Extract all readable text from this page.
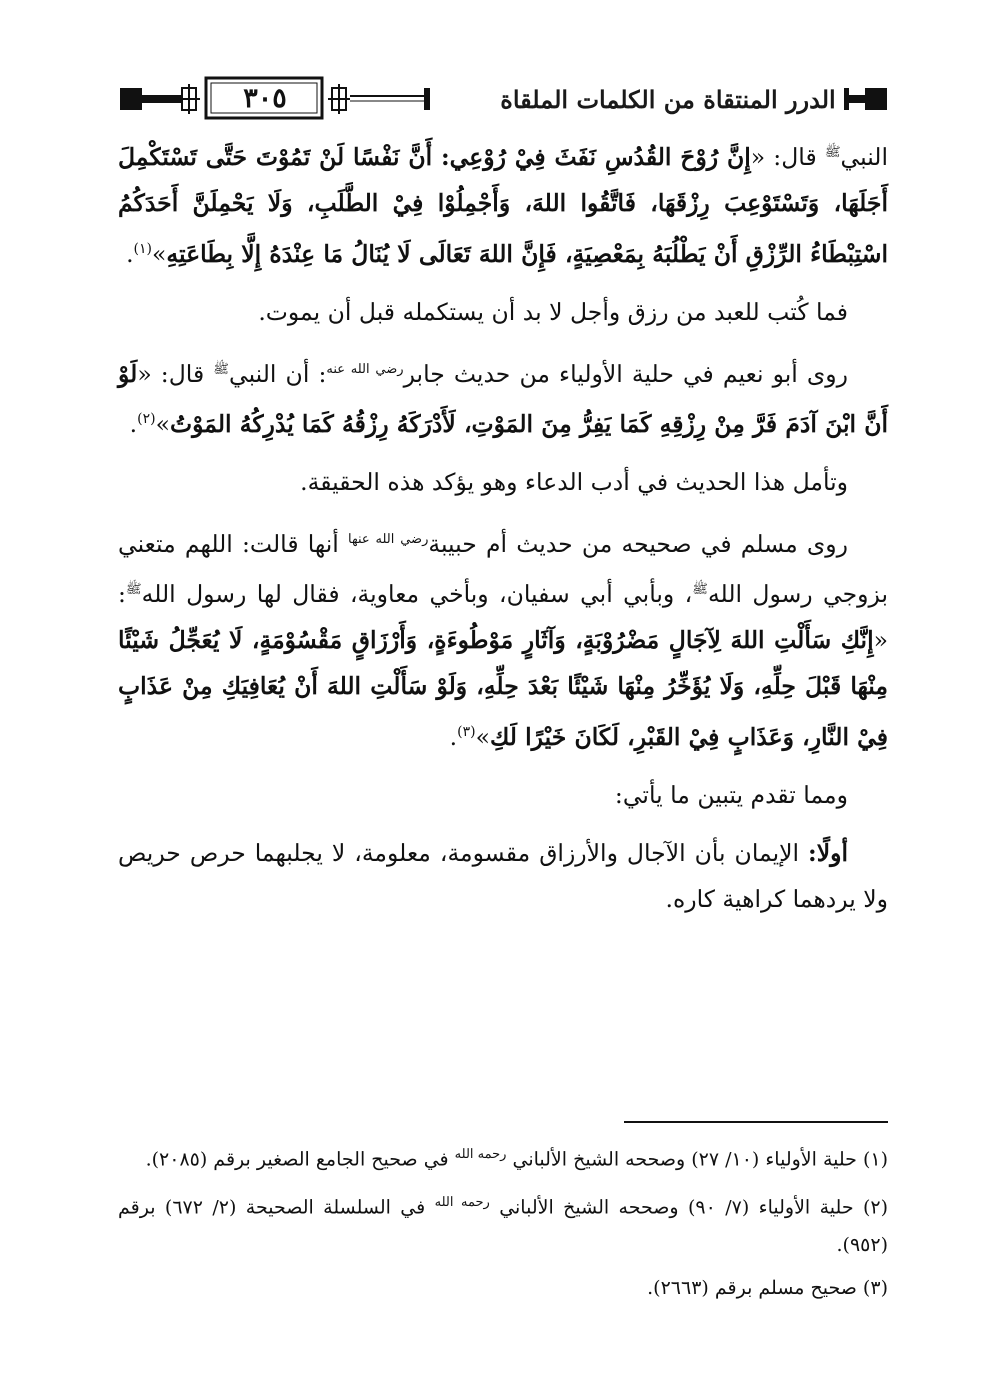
٣٠٥	الدرر المنتقاة من الكلمات الملقاة

النبي$^ﷺ$ قال: «إِنَّ رُوْحَ القُدُسِ نَفَثَ فِيْ رُوْعِي: أَنَّ نَفْسًا لَنْ تَمُوْتَ حَتَّى تَسْتَكْمِلَ أَجَلَهَا، وَتَسْتَوْعِبَ رِزْقَهَا، فَاتَّقُوا اللهَ، وَأَجْمِلُوْا فِيْ الطَّلَبِ، وَلَا يَحْمِلَنَّ أَحَدَكُمُ اسْتِبْطَاءُ الرِّزْقِ أَنْ يَطْلُبَهُ بِمَعْصِيَةٍ، فَإِنَّ اللهَ تَعَالَى لَا يُنَالُ مَا عِنْدَهُ إِلَّا بِطَاعَتِهِ»$^{(١)}$.

فما كُتب للعبد من رزق وأجل لا بد أن يستكمله قبل أن يموت.

روى أبو نعيم في حلية الأولياء من حديث جابر$^{رضي الله عنه}$: أن النبي$^ﷺ$ قال: «لَوْ أَنَّ ابْنَ آدَمَ فَرَّ مِنْ رِزْقِهِ كَمَا يَفِرُّ مِنَ المَوْتِ، لَأَدْرَكَهُ رِزْقُهُ كَمَا يُدْرِكُهُ المَوْتُ»$^{(٢)}$.

وتأمل هذا الحديث في أدب الدعاء وهو يؤكد هذه الحقيقة.

روى مسلم في صحيحه من حديث أم حبيبة$^{رضي الله عنها}$ أنها قالت: اللهم متعني بزوجي رسول الله$^ﷺ$، وبأبي أبي سفيان، وبأخي معاوية، فقال لها رسول الله$^ﷺ$: «إِنَّكِ سَأَلْتِ اللهَ لِآجَالٍ مَضْرُوْبَةٍ، وَآثَارٍ مَوْطُوءَةٍ، وَأَرْزَاقٍ مَقْسُوْمَةٍ، لَا يُعَجِّلُ شَيْئًا مِنْهَا قَبْلَ حِلِّهِ، وَلَا يُؤَخِّرُ مِنْهَا شَيْئًا بَعْدَ حِلِّهِ، وَلَوْ سَأَلْتِ اللهَ أَنْ يُعَافِيَكِ مِنْ عَذَابٍ فِيْ النَّارِ، وَعَذَابٍ فِيْ القَبْرِ، لَكَانَ خَيْرًا لَكِ»$^{(٣)}$.

ومما تقدم يتبين ما يأتي:

أولًا: الإيمان بأن الآجال والأرزاق مقسومة، معلومة، لا يجلبهما حرص حريص ولا يردهما كراهية كاره.

(١) حلية الأولياء (١٠/ ٢٧) وصححه الشيخ الألباني $^{رحمه الله}$ في صحيح الجامع الصغير برقم (٢٠٨٥).

(٢) حلية الأولياء (٧/ ٩٠) وصححه الشيخ الألباني $^{رحمه الله}$ في السلسلة الصحيحة (٢/ ٦٧٢) برقم (٩٥٢).

(٣) صحيح مسلم برقم (٢٦٦٣).
